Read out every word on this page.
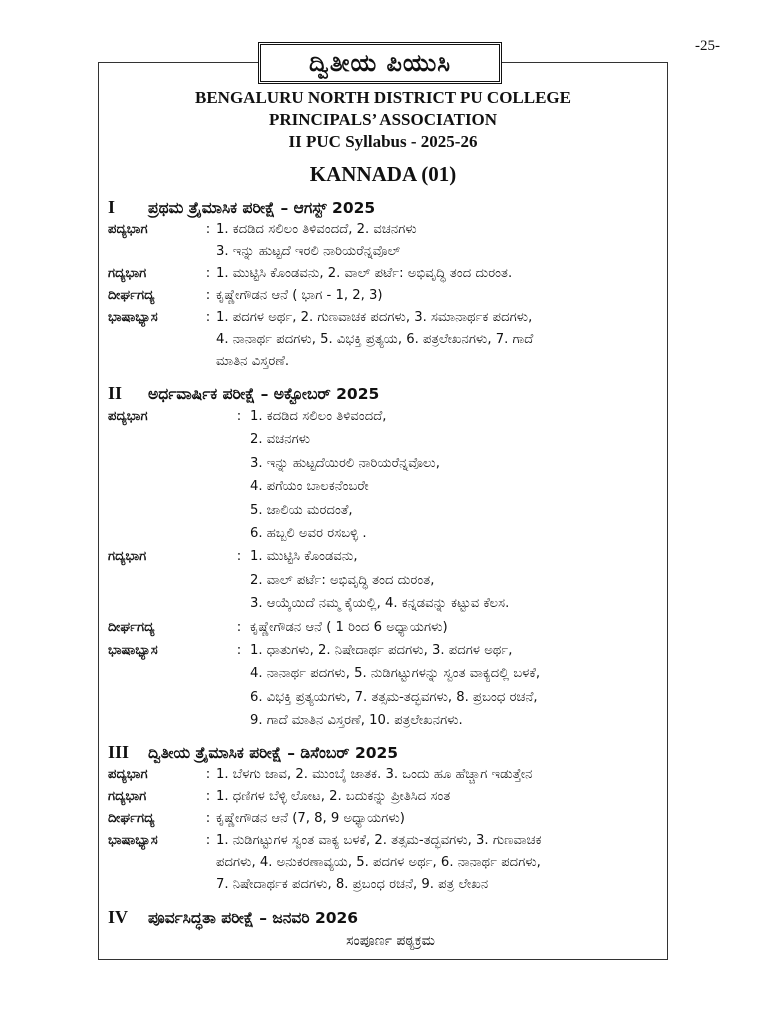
-25-
ದ್ವಿತೀಯ ಪಿಯುಸಿ
BENGALURU NORTH DISTRICT PU COLLEGE
PRINCIPALS’ ASSOCIATION
II PUC Syllabus - 2025-26
KANNADA (01)
I ಪ್ರಥಮ ತ್ರೈಮಾಸಿಕ ಪರೀಕ್ಷೆ – ಆಗಸ್ಟ್ 2025
ಪದ್ಯಭಾಗ	: 1. ಕದಡಿದ ಸಲಿಲಂ ತಿಳಿವಂದದೆ, 2. ವಚನಗಳು
3. ಇನ್ನು ಹುಟ್ಟದೆ ಇರಲಿ ನಾರಿಯರೆನ್ನವೊಲ್
ಗದ್ಯಭಾಗ	: 1. ಮುಟ್ಟಿಸಿ ಕೊಂಡವನು, 2. ವಾಲ್ ಪರ್ಟೆ: ಅಭಿವೃದ್ಧಿ ತಂದ ದುರಂತ.
ದೀರ್ಘಗದ್ಯ	: ಕೃಷ್ಣೇಗೌಡನ ಆನೆ ( ಭಾಗ - 1, 2, 3)
ಭಾಷಾಭ್ಯಾಸ	: 1. ಪದಗಳ ಅರ್ಥ, 2. ಗುಣವಾಚಕ ಪದಗಳು, 3. ಸಮಾನಾರ್ಥಕ ಪದಗಳು,
4. ನಾನಾರ್ಥ ಪದಗಳು, 5. ವಿಭಕ್ತಿ ಪ್ರತ್ಯಯ, 6. ಪತ್ರಲೇಖನಗಳು, 7. ಗಾದೆ
ಮಾತಿನ ವಿಸ್ತರಣೆ.
II ಅರ್ಧವಾರ್ಷಿಕ ಪರೀಕ್ಷೆ – ಅಕ್ಟೋಬರ್ 2025
ಪದ್ಯಭಾಗ	: 1. ಕದಡಿದ ಸಲಿಲಂ ತಿಳಿವಂದದೆ,
2. ವಚನಗಳು
3. ಇನ್ನು ಹುಟ್ಟದೆಯಿರಲಿ ನಾರಿಯರೆನ್ನವೊಲು,
4. ಪಗೆಯಂ ಬಾಲಕನೆಂಬರೇ
5. ಜಾಲಿಯ ಮರದಂತೆ,
6. ಹಬ್ಬಲಿ ಅವರ ರಸಬಳ್ಳಿ .
ಗದ್ಯಭಾಗ	: 1. ಮುಟ್ಟಿಸಿ ಕೊಂಡವನು,
2. ವಾಲ್ ಪರ್ಟೆ: ಅಭಿವೃದ್ಧಿ ತಂದ ದುರಂತ,
3. ಆಯ್ಕೆಯಿದೆ ನಮ್ಮ ಕೈಯಲ್ಲಿ, 4. ಕನ್ನಡವನ್ನು ಕಟ್ಟುವ ಕೆಲಸ.
ದೀರ್ಘಗದ್ಯ	: ಕೃಷ್ಣೇಗೌಡನ ಆನೆ ( 1 ರಿಂದ 6 ಅಧ್ಯಾಯಗಳು)
ಭಾಷಾಭ್ಯಾಸ	: 1. ಧಾತುಗಳು, 2. ನಿಷೇದಾರ್ಥ ಪದಗಳು, 3. ಪದಗಳ ಅರ್ಥ,
4. ನಾನಾರ್ಥ ಪದಗಳು, 5. ನುಡಿಗಟ್ಟುಗಳನ್ನು ಸ್ವಂತ ವಾಕ್ಯದಲ್ಲಿ ಬಳಕೆ,
6. ವಿಭಕ್ತಿ ಪ್ರತ್ಯಯಗಳು, 7. ತತ್ಸಮ-ತದ್ಭವಗಳು, 8. ಪ್ರಬಂಧ ರಚನೆ,
9. ಗಾದೆ ಮಾತಿನ ವಿಸ್ತರಣೆ, 10. ಪತ್ರಲೇಖನಗಳು.
III ದ್ವಿತೀಯ ತ್ರೈಮಾಸಿಕ ಪರೀಕ್ಷೆ – ಡಿಸೆಂಬರ್ 2025
ಪದ್ಯಭಾಗ	: 1. ಬೆಳಗು ಜಾವ, 2. ಮುಂಬೈ ಜಾತಕ. 3. ಒಂದು ಹೂ ಹೆಚ್ಚಾಗ ಇಡುತ್ತೇನ
ಗದ್ಯಭಾಗ	: 1. ಧಣಿಗಳ ಬೆಳ್ಳಿ ಲೋಟ, 2. ಬದುಕನ್ನು ಪ್ರೀತಿಸಿದ ಸಂತ
ದೀರ್ಘಗದ್ಯ	: ಕೃಷ್ಣೇಗೌಡನ ಆನೆ (7, 8, 9 ಅಧ್ಯಾಯಗಳು)
ಭಾಷಾಭ್ಯಾಸ	: 1. ನುಡಿಗಟ್ಟುಗಳ ಸ್ವಂತ ವಾಕ್ಯ ಬಳಕೆ, 2. ತತ್ಸಮ-ತದ್ಭವಗಳು, 3. ಗುಣವಾಚಕ
ಪದಗಳು, 4. ಅನುಕರಣಾವ್ಯಯ, 5. ಪದಗಳ ಅರ್ಥ, 6. ನಾನಾರ್ಥ ಪದಗಳು,
7. ನಿಷೇದಾರ್ಥಕ ಪದಗಳು, 8. ಪ್ರಬಂಧ ರಚನೆ, 9. ಪತ್ರ ಲೇಖನ
IV ಪೂರ್ವಸಿದ್ಧತಾ ಪರೀಕ್ಷೆ – ಜನವರಿ 2026
ಸಂಪೂರ್ಣ ಪಠ್ಯಕ್ರಮ
